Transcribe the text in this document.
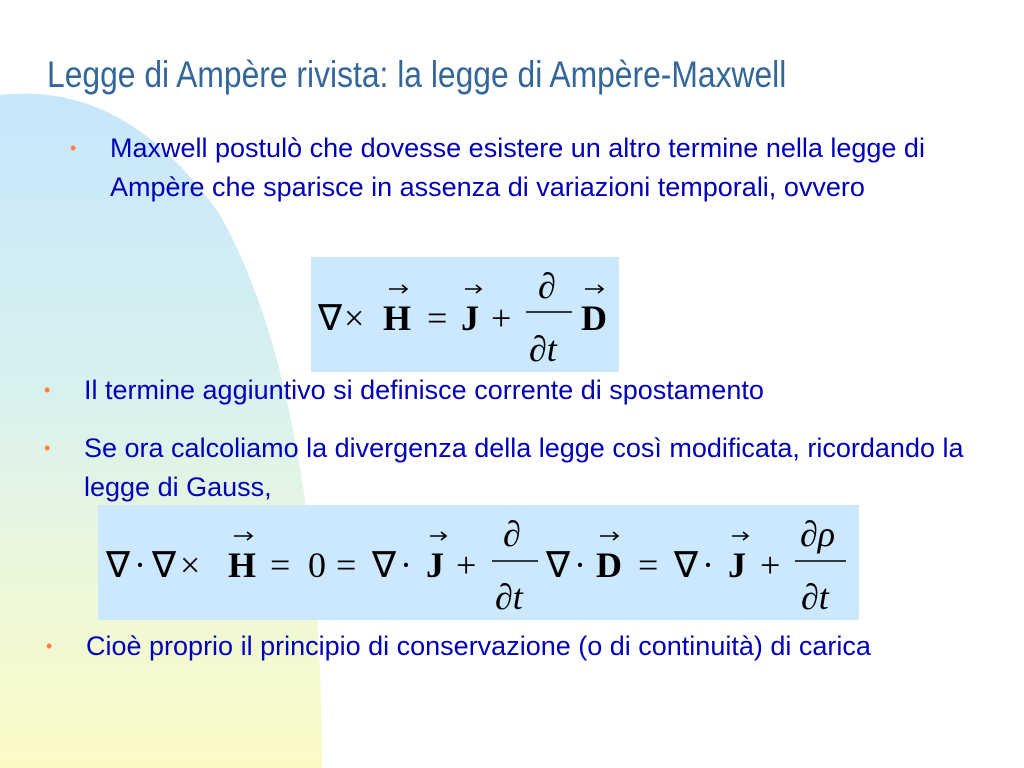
Legge di Ampère rivista: la legge di Ampère-Maxwell
•	Maxwell postulò che dovesse esistere un altro termine nella legge di Ampère che sparisce in assenza di variazioni temporali, ovvero
∇ × H = J +
∂
∂t
D
•	Il termine aggiuntivo si definisce corrente di spostamento
•	Se ora calcoliamo la divergenza della legge così modificata, ricordando la legge di Gauss,
∇ · ∇ × H = 0 = ∇ · J +
∂
∂t
∇ · D = ∇ · J +
∂ρ
∂t
•	Cioè proprio il principio di conservazione (o di continuità) di carica
